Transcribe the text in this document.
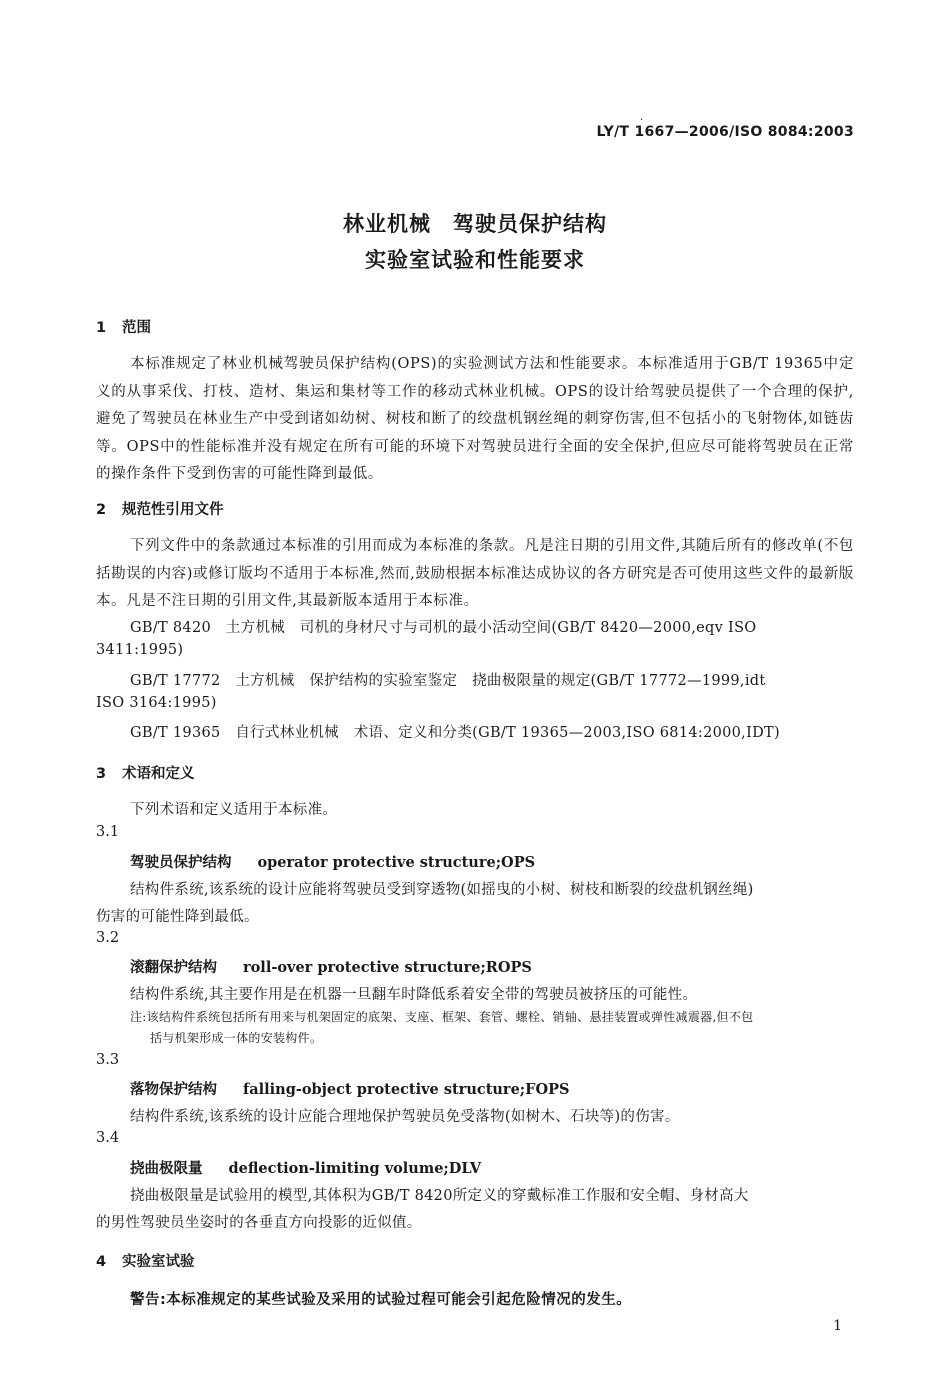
·
LY/T 1667—2006/ISO 8084:2003
林业机械　驾驶员保护结构
实验室试验和性能要求
1 范围
本标准规定了林业机械驾驶员保护结构(OPS)的实验测试方法和性能要求。本标准适用于GB/T 19365中定义的从事采伐、打枝、造材、集运和集材等工作的移动式林业机械。OPS的设计给驾驶员提供了一个合理的保护,避免了驾驶员在林业生产中受到诸如幼树、树枝和断了的绞盘机钢丝绳的刺穿伤害,但不包括小的飞射物体,如链齿等。OPS中的性能标准并没有规定在所有可能的环境下对驾驶员进行全面的安全保护,但应尽可能将驾驶员在正常的操作条件下受到伤害的可能性降到最低。
2 规范性引用文件
下列文件中的条款通过本标准的引用而成为本标准的条款。凡是注日期的引用文件,其随后所有的修改单(不包括勘误的内容)或修订版均不适用于本标准,然而,鼓励根据本标准达成协议的各方研究是否可使用这些文件的最新版本。凡是不注日期的引用文件,其最新版本适用于本标准。
GB/T 8420　土方机械　司机的身材尺寸与司机的最小活动空间(GB/T 8420—2000,eqv ISO
3411:1995)
GB/T 17772　土方机械　保护结构的实验室鉴定　挠曲极限量的规定(GB/T 17772—1999,idt
ISO 3164:1995)
GB/T 19365　自行式林业机械　术语、定义和分类(GB/T 19365—2003,ISO 6814:2000,IDT)
3 术语和定义
下列术语和定义适用于本标准。
3.1
驾驶员保护结构 operator protective structure;OPS
结构件系统,该系统的设计应能将驾驶员受到穿透物(如摇曳的小树、树枝和断裂的绞盘机钢丝绳)
伤害的可能性降到最低。
3.2
滚翻保护结构 roll-over protective structure;ROPS
结构件系统,其主要作用是在机器一旦翻车时降低系着安全带的驾驶员被挤压的可能性。
注:该结构件系统包括所有用来与机架固定的底架、支座、框架、套管、螺栓、销轴、悬挂装置或弹性减震器,但不包
括与机架形成一体的安装构件。
3.3
落物保护结构 falling-object protective structure;FOPS
结构件系统,该系统的设计应能合理地保护驾驶员免受落物(如树木、石块等)的伤害。
3.4
挠曲极限量 deflection-limiting volume;DLV
挠曲极限量是试验用的模型,其体积为GB/T 8420所定义的穿戴标准工作服和安全帽、身材高大
的男性驾驶员坐姿时的各垂直方向投影的近似值。
4 实验室试验
警告:本标准规定的某些试验及采用的试验过程可能会引起危险情况的发生。
1
